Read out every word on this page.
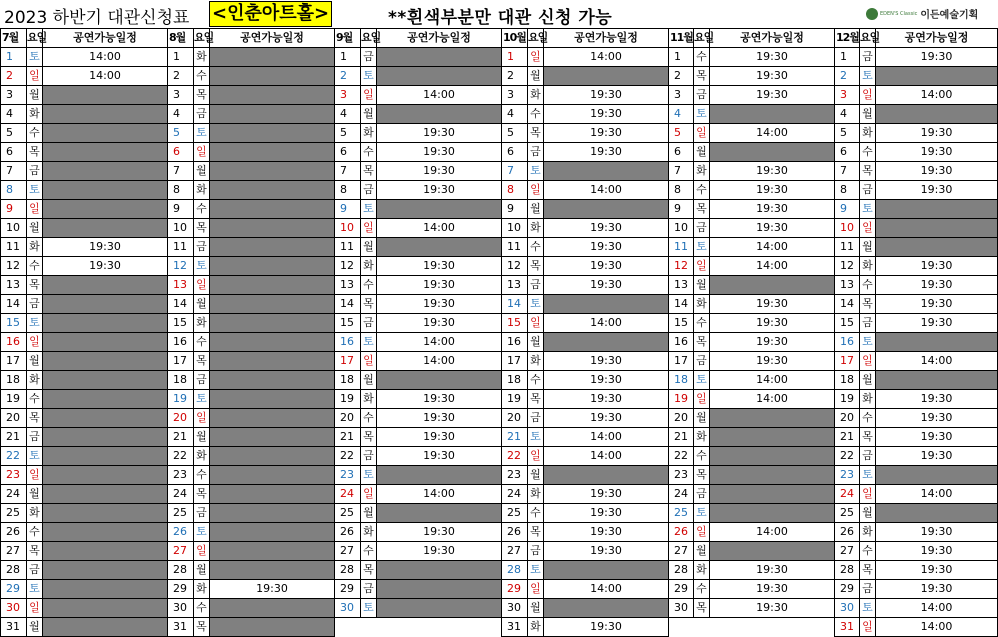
2023 하반기 대관신청표 <인춘아트홀>	**흰색부분만 대관 신청 가능	EDEN'S Classic 이든예술기획
7월	요일	공연가능일정
1	토	14:00
2	일	14:00
3	월	
4	화	
5	수	
6	목	
7	금	
8	토	
9	일	
10	월	
11	화	19:30
12	수	19:30
13	목	
14	금	
15	토	
16	일	
17	월	
18	화	
19	수	
20	목	
21	금	
22	토	
23	일	
24	월	
25	화	
26	수	
27	목	
28	금	
29	토	
30	일	
31	월	
8월	요일	공연가능일정
1	화	
2	수	
3	목	
4	금	
5	토	
6	일	
7	월	
8	화	
9	수	
10	목	
11	금	
12	토	
13	일	
14	월	
15	화	
16	수	
17	목	
18	금	
19	토	
20	일	
21	월	
22	화	
23	수	
24	목	
25	금	
26	토	
27	일	
28	월	
29	화	19:30
30	수	
31	목	
9월	요일	공연가능일정
1	금	
2	토	
3	일	14:00
4	월	
5	화	19:30
6	수	19:30
7	목	19:30
8	금	19:30
9	토	
10	일	14:00
11	월	
12	화	19:30
13	수	19:30
14	목	19:30
15	금	19:30
16	토	14:00
17	일	14:00
18	월	
19	화	19:30
20	수	19:30
21	목	19:30
22	금	19:30
23	토	
24	일	14:00
25	월	
26	화	19:30
27	수	19:30
28	목	
29	금	
30	토	
10월	요일	공연가능일정
1	일	14:00
2	월	
3	화	19:30
4	수	19:30
5	목	19:30
6	금	19:30
7	토	
8	일	14:00
9	월	
10	화	19:30
11	수	19:30
12	목	19:30
13	금	19:30
14	토	
15	일	14:00
16	월	
17	화	19:30
18	수	19:30
19	목	19:30
20	금	19:30
21	토	14:00
22	일	14:00
23	월	
24	화	19:30
25	수	19:30
26	목	19:30
27	금	19:30
28	토	
29	일	14:00
30	월	
31	화	19:30
11월	요일	공연가능일정
1	수	19:30
2	목	19:30
3	금	19:30
4	토	
5	일	14:00
6	월	
7	화	19:30
8	수	19:30
9	목	19:30
10	금	19:30
11	토	14:00
12	일	14:00
13	월	
14	화	19:30
15	수	19:30
16	목	19:30
17	금	19:30
18	토	14:00
19	일	14:00
20	월	
21	화	
22	수	
23	목	
24	금	
25	토	
26	일	14:00
27	월	
28	화	19:30
29	수	19:30
30	목	19:30
12월	요일	공연가능일정
1	금	19:30
2	토	
3	일	14:00
4	월	
5	화	19:30
6	수	19:30
7	목	19:30
8	금	19:30
9	토	
10	일	
11	월	
12	화	19:30
13	수	19:30
14	목	19:30
15	금	19:30
16	토	
17	일	14:00
18	월	
19	화	19:30
20	수	19:30
21	목	19:30
22	금	19:30
23	토	
24	일	14:00
25	월	
26	화	19:30
27	수	19:30
28	목	19:30
29	금	19:30
30	토	14:00
31	일	14:00
